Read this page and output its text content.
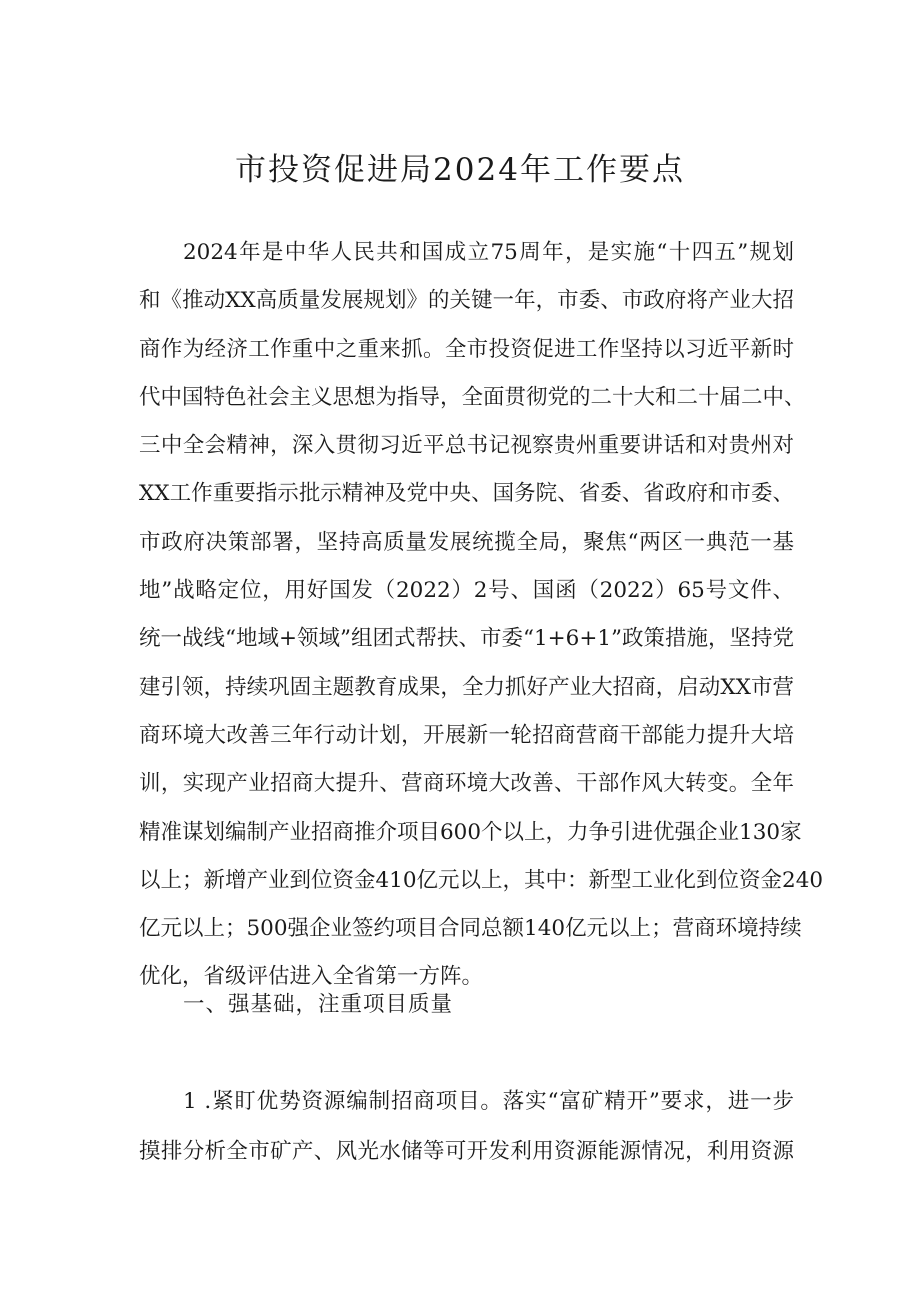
市投资促进局2024年工作要点
2024年是中华人民共和国成立75周年，是实施“十四五”规划
和《推动XX高质量发展规划》的关键一年，市委、市政府将产业大招
商作为经济工作重中之重来抓。全市投资促进工作坚持以习近平新时
代中国特色社会主义思想为指导，全面贯彻党的二十大和二十届二中、
三中全会精神，深入贯彻习近平总书记视察贵州重要讲话和对贵州对
XX工作重要指示批示精神及党中央、国务院、省委、省政府和市委、
市政府决策部署，坚持高质量发展统揽全局，聚焦“两区一典范一基
地”战略定位，用好国发（2022）2号、国函（2022）65号文件、
统一战线“地域+领域”组团式帮扶、市委“1+6+1”政策措施，坚持党
建引领，持续巩固主题教育成果，全力抓好产业大招商，启动XX市营
商环境大改善三年行动计划，开展新一轮招商营商干部能力提升大培
训，实现产业招商大提升、营商环境大改善、干部作风大转变。全年
精准谋划编制产业招商推介项目600个以上，力争引进优强企业130家
以上；新增产业到位资金410亿元以上，其中：新型工业化到位资金240
亿元以上；500强企业签约项目合同总额140亿元以上；营商环境持续
优化，省级评估进入全省第一方阵。
一、强基础，注重项目质量
1 .紧盯优势资源编制招商项目。落实“富矿精开”要求，进一步
摸排分析全市矿产、风光水储等可开发利用资源能源情况，利用资源
